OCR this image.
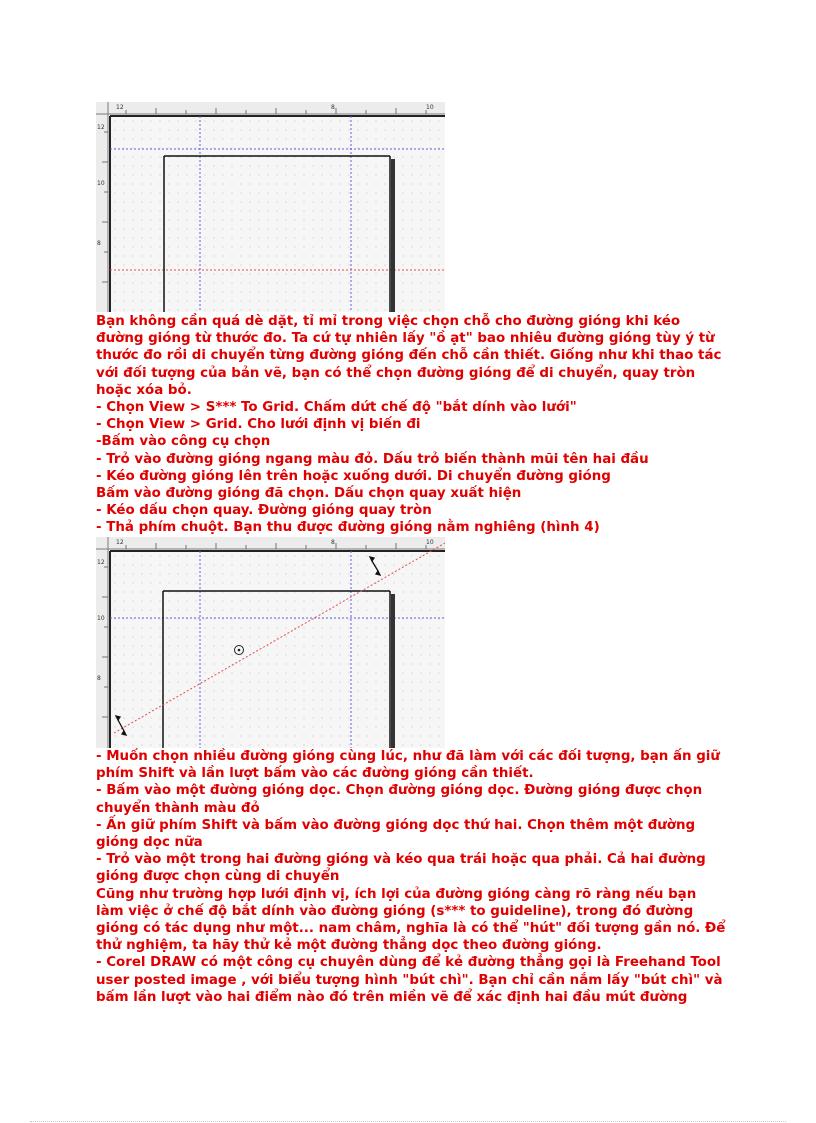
12	8	10
12
10
8
Bạn không cần quá dè dặt, tỉ mỉ trong việc chọn chỗ cho đường gióng khi kéo
đường gióng từ thước đo. Ta cứ tự nhiên lấy "ồ ạt" bao nhiêu đường gióng tùy ý từ
thước đo rồi di chuyển từng đường gióng đến chỗ cần thiết. Giống như khi thao tác
với đối tượng của bản vẽ, bạn có thể chọn đường gióng để di chuyển, quay tròn
hoặc xóa bỏ.
- Chọn View > S*** To Grid. Chấm dứt chế độ "bắt dính vào lưới"
- Chọn View > Grid. Cho lưới định vị biến đi
-Bấm vào công cụ chọn
- Trỏ vào đường gióng ngang màu đỏ. Dấu trỏ biến thành mũi tên hai đầu
- Kéo đường gióng lên trên hoặc xuống dưới. Di chuyển đường gióng
Bấm vào đường gióng đã chọn. Dấu chọn quay xuất hiện
- Kéo dấu chọn quay. Đường gióng quay tròn
- Thả phím chuột. Bạn thu được đường gióng nằm nghiêng (hình 4)
12	8	10
12
10
8
- Muốn chọn nhiều đường gióng cùng lúc, như đã làm với các đối tượng, bạn ấn giữ
phím Shift và lần lượt bấm vào các đường gióng cần thiết.
- Bấm vào một đường gióng dọc. Chọn đường gióng dọc. Đường gióng được chọn
chuyển thành màu đỏ
- Ấn giữ phím Shift và bấm vào đường gióng dọc thứ hai. Chọn thêm một đường
gióng dọc nữa
- Trỏ vào một trong hai đường gióng và kéo qua trái hoặc qua phải. Cả hai đường
gióng được chọn cùng di chuyển
Cũng như trường hợp lưới định vị, ích lợi của đường gióng càng rõ ràng nếu bạn
làm việc ở chế độ bắt dính vào đường gióng (s*** to guideline), trong đó đường
gióng có tác dụng như một... nam châm, nghĩa là có thể "hút" đối tượng gần nó. Để
thử nghiệm, ta hãy thử kẻ một đường thẳng dọc theo đường gióng.
- Corel DRAW có một công cụ chuyên dùng để kẻ đường thẳng gọi là Freehand Tool
user posted image , với biểu tượng hình "bút chì". Bạn chỉ cần nắm lấy "bút chì" và
bấm lần lượt vào hai điểm nào đó trên miền vẽ để xác định hai đầu mút đường
